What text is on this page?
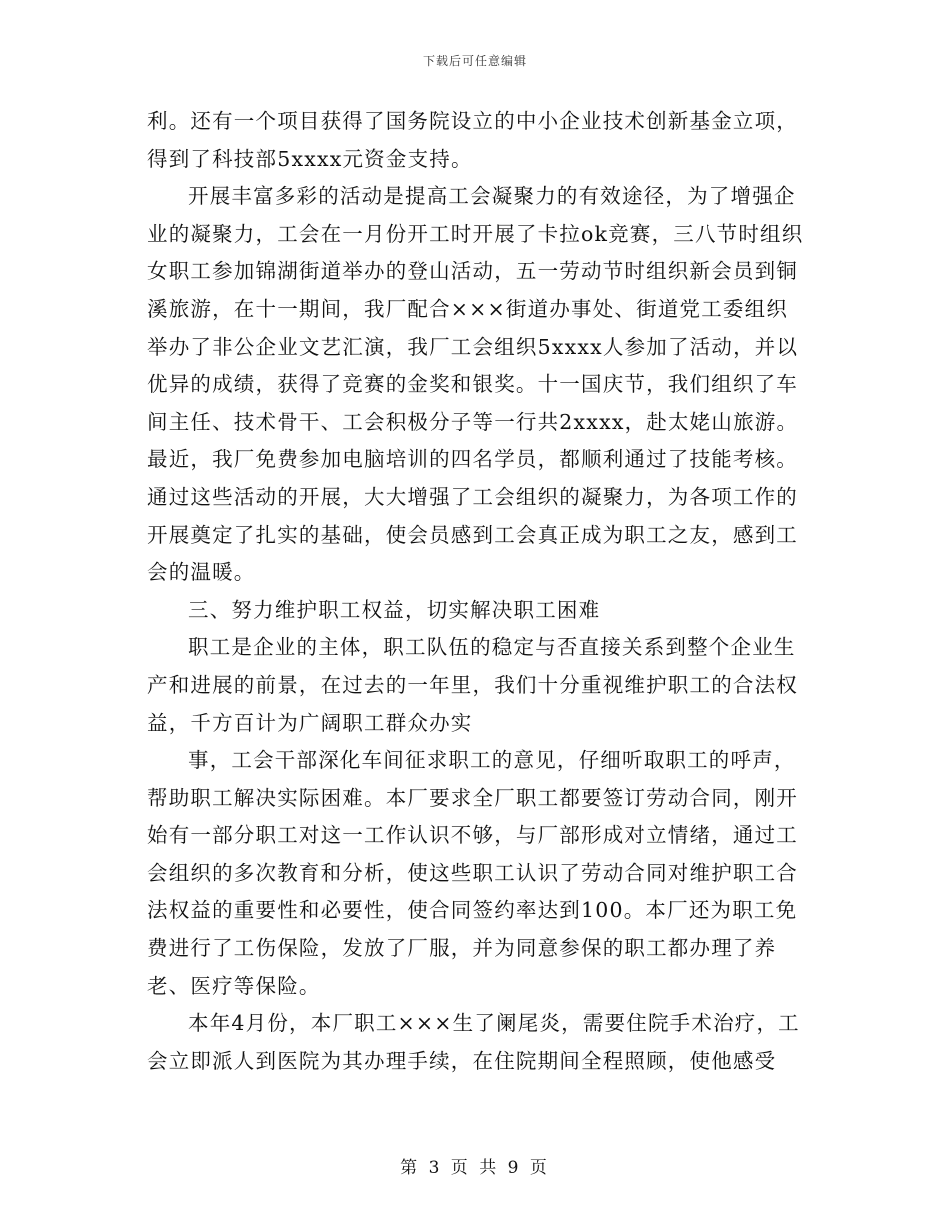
下载后可任意编辑

利。还有一个项目获得了国务院设立的中小企业技术创新基金立项，得到了科技部5xxxx元资金支持。

开展丰富多彩的活动是提高工会凝聚力的有效途径，为了增强企业的凝聚力，工会在一月份开工时开展了卡拉ok竞赛，三八节时组织女职工参加锦湖街道举办的登山活动，五一劳动节时组织新会员到铜溪旅游，在十一期间，我厂配合×××街道办事处、街道党工委组织举办了非公企业文艺汇演，我厂工会组织5xxxx人参加了活动，并以优异的成绩，获得了竞赛的金奖和银奖。十一国庆节，我们组织了车间主任、技术骨干、工会积极分子等一行共2xxxx，赴太姥山旅游。最近，我厂免费参加电脑培训的四名学员，都顺利通过了技能考核。通过这些活动的开展，大大增强了工会组织的凝聚力，为各项工作的开展奠定了扎实的基础，使会员感到工会真正成为职工之友，感到工会的温暖。

三、努力维护职工权益，切实解决职工困难

职工是企业的主体，职工队伍的稳定与否直接关系到整个企业生产和进展的前景，在过去的一年里，我们十分重视维护职工的合法权益，千方百计为广阔职工群众办实

事，工会干部深化车间征求职工的意见，仔细听取职工的呼声，帮助职工解决实际困难。本厂要求全厂职工都要签订劳动合同，刚开始有一部分职工对这一工作认识不够，与厂部形成对立情绪，通过工会组织的多次教育和分析，使这些职工认识了劳动合同对维护职工合法权益的重要性和必要性，使合同签约率达到100。本厂还为职工免费进行了工伤保险，发放了厂服，并为同意参保的职工都办理了养老、医疗等保险。

本年4月份，本厂职工×××生了阑尾炎，需要住院手术治疗，工会立即派人到医院为其办理手续，在住院期间全程照顾，使他感受

第 3 页 共 9 页
